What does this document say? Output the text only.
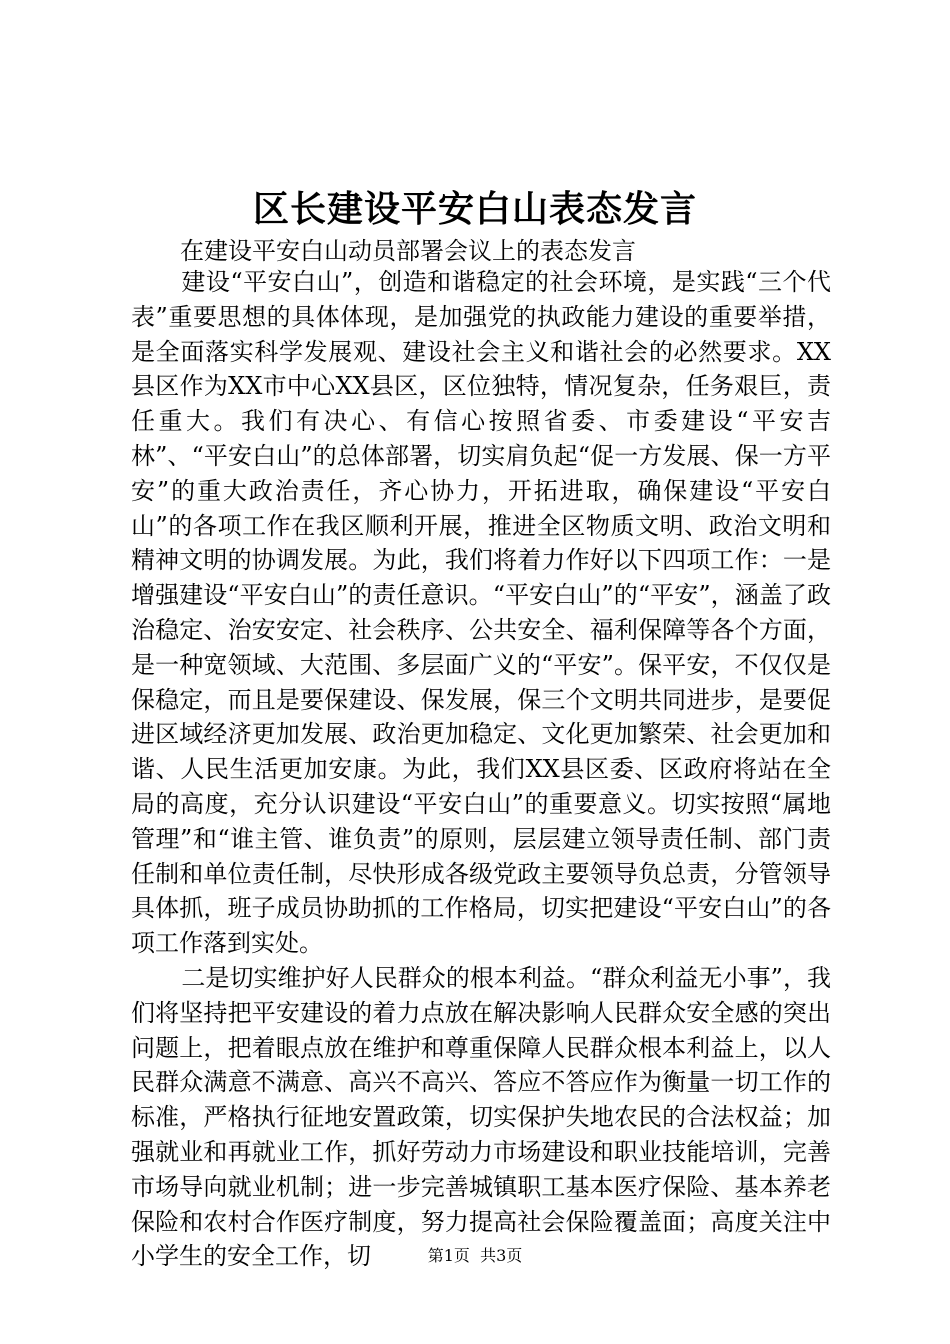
区长建设平安白山表态发言

在建设平安白山动员部署会议上的表态发言

建设“平安白山”，创造和谐稳定的社会环境，是实践“三个代表”重要思想的具体体现，是加强党的执政能力建设的重要举措，是全面落实科学发展观、建设社会主义和谐社会的必然要求。XX县区作为XX市中心XX县区，区位独特，情况复杂，任务艰巨，责任重大。我们有决心、有信心按照省委、市委建设“平安吉林”、“平安白山”的总体部署，切实肩负起“促一方发展、保一方平安”的重大政治责任，齐心协力，开拓进取，确保建设“平安白山”的各项工作在我区顺利开展，推进全区物质文明、政治文明和精神文明的协调发展。为此，我们将着力作好以下四项工作：一是增强建设“平安白山”的责任意识。“平安白山”的“平安”，涵盖了政治稳定、治安安定、社会秩序、公共安全、福利保障等各个方面，是一种宽领域、大范围、多层面广义的“平安”。保平安，不仅仅是保稳定，而且是要保建设、保发展，保三个文明共同进步，是要促进区域经济更加发展、政治更加稳定、文化更加繁荣、社会更加和谐、人民生活更加安康。为此，我们XX县区委、区政府将站在全局的高度，充分认识建设“平安白山”的重要意义。切实按照“属地管理”和“谁主管、谁负责”的原则，层层建立领导责任制、部门责任制和单位责任制，尽快形成各级党政主要领导负总责，分管领导具体抓，班子成员协助抓的工作格局，切实把建设“平安白山”的各项工作落到实处。

二是切实维护好人民群众的根本利益。“群众利益无小事”，我们将坚持把平安建设的着力点放在解决影响人民群众安全感的突出问题上，把着眼点放在维护和尊重保障人民群众根本利益上，以人民群众满意不满意、高兴不高兴、答应不答应作为衡量一切工作的标准，严格执行征地安置政策，切实保护失地农民的合法权益；加强就业和再就业工作，抓好劳动力市场建设和职业技能培训，完善市场导向就业机制；进一步完善城镇职工基本医疗保险、基本养老保险和农村合作医疗制度，努力提高社会保险覆盖面；高度关注中小学生的安全工作，切	第1页 共3页
